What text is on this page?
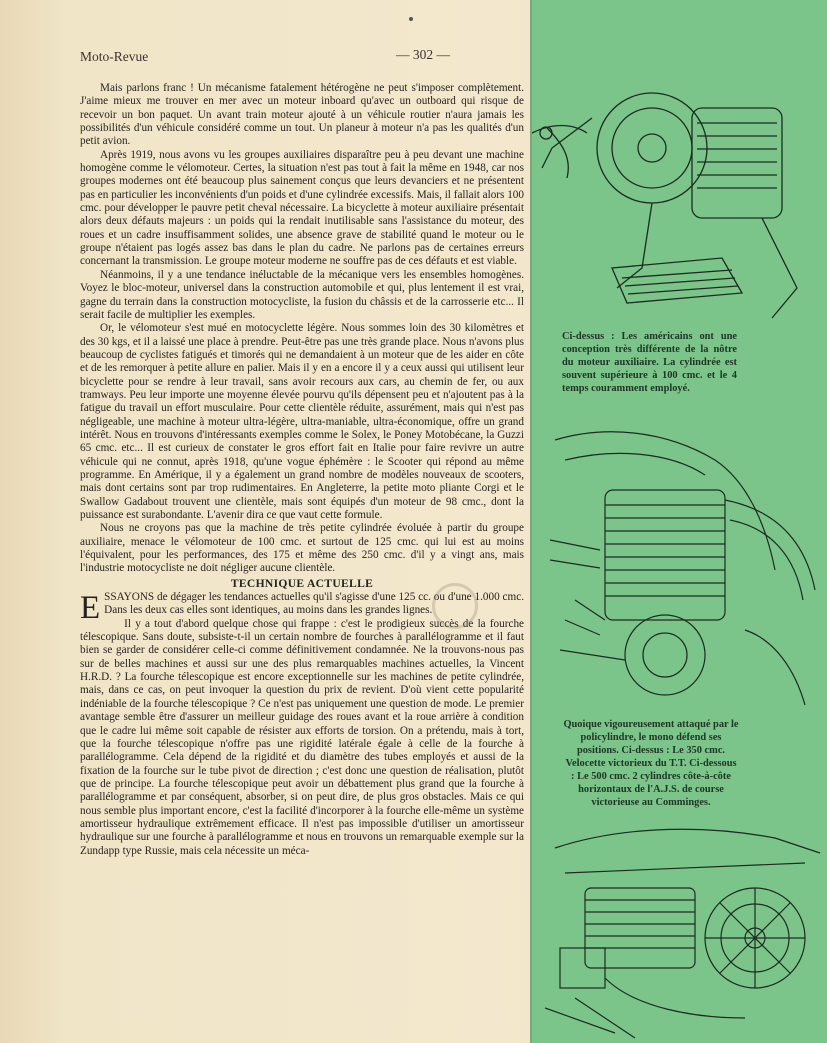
Moto-Revue	— 302 —

Mais parlons franc ! Un mécanisme fatalement hétérogène ne peut s'imposer complètement. J'aime mieux me trouver en mer avec un moteur inboard qu'avec un outboard qui risque de recevoir un bon paquet. Un avant train moteur ajouté à un véhicule routier n'aura jamais les possibilités d'un véhicule considéré comme un tout. Un planeur à moteur n'a pas les qualités d'un petit avion.

Après 1919, nous avons vu les groupes auxiliaires disparaître peu à peu devant une machine homogène comme le vélomoteur. Certes, la situation n'est pas tout à fait la même en 1948, car nos groupes modernes ont été beaucoup plus sainement conçus que leurs devanciers et ne présentent pas en particulier les inconvénients d'un poids et d'une cylindrée excessifs. Mais, il fallait alors 100 cmc. pour développer le pauvre petit cheval nécessaire. La bicyclette à moteur auxiliaire présentait alors deux défauts majeurs : un poids qui la rendait inutilisable sans l'assistance du moteur, des roues et un cadre insuffisamment solides, une absence grave de stabilité quand le moteur ou le groupe n'étaient pas logés assez bas dans le plan du cadre. Ne parlons pas de certaines erreurs concernant la transmission. Le groupe moteur moderne ne souffre pas de ces défauts et est viable.

Néanmoins, il y a une tendance inéluctable de la mécanique vers les ensembles homogènes. Voyez le bloc-moteur, universel dans la construction automobile et qui, plus lentement il est vrai, gagne du terrain dans la construction motocycliste, la fusion du châssis et de la carrosserie etc... Il serait facile de multiplier les exemples.

Or, le vélomoteur s'est mué en motocyclette légère. Nous sommes loin des 30 kilomètres et des 30 kgs, et il a laissé une place à prendre. Peut-être pas une très grande place. Nous n'avons plus beaucoup de cyclistes fatigués et timorés qui ne demandaient à un moteur que de les aider en côte et de les remorquer à petite allure en palier. Mais il y en a encore il y a ceux aussi qui utilisent leur bicyclette pour se rendre à leur travail, sans avoir recours aux cars, au chemin de fer, ou aux tramways. Peu leur importe une moyenne élevée pourvu qu'ils dépensent peu et n'ajoutent pas à la fatigue du travail un effort musculaire. Pour cette clientèle réduite, assurément, mais qui n'est pas négligeable, une machine à moteur ultra-légère, ultra-maniable, ultra-économique, offre un grand intérêt. Nous en trouvons d'intéressants exemples comme le Solex, le Poney Motobécane, la Guzzi 65 cmc. etc... Il est curieux de constater le gros effort fait en Italie pour faire revivre un autre véhicule qui ne connut, après 1918, qu'une vogue éphémère : le Scooter qui répond au même programme. En Amérique, il y a également un grand nombre de modèles nouveaux de scooters, mais dont certains sont par trop rudimentaires. En Angleterre, la petite moto pliante Corgi et le Swallow Gadabout trouvent une clientèle, mais sont équipés d'un moteur de 98 cmc., dont la puissance est surabondante. L'avenir dira ce que vaut cette formule.

Nous ne croyons pas que la machine de très petite cylindrée évoluée à partir du groupe auxiliaire, menace le vélomoteur de 100 cmc. et surtout de 125 cmc. qui lui est au moins l'équivalent, pour les performances, des 175 et même des 250 cmc. d'il y a vingt ans, mais l'industrie motocycliste ne doit négliger aucune clientèle.

TECHNIQUE ACTUELLE

ESSAYONS de dégager les tendances actuelles qu'il s'agisse d'une 125 cc. ou d'une 1.000 cmc. Dans les deux cas elles sont identiques, au moins dans les grandes lignes.

Il y a tout d'abord quelque chose qui frappe : c'est le prodigieux succès de la fourche télescopique. Sans doute, subsiste-t-il un certain nombre de fourches à parallélogramme et il faut bien se garder de considérer celle-ci comme définitivement condamnée. Ne la trouvons-nous pas sur de belles machines et aussi sur une des plus remarquables machines actuelles, la Vincent H.R.D. ? La fourche télescopique est encore exceptionnelle sur les machines de petite cylindrée, mais, dans ce cas, on peut invoquer la question du prix de revient. D'où vient cette popularité indéniable de la fourche télescopique ? Ce n'est pas uniquement une question de mode. Le premier avantage semble être d'assurer un meilleur guidage des roues avant et la roue arrière à condition que le cadre lui même soit capable de résister aux efforts de torsion. On a prétendu, mais à tort, que la fourche télescopique n'offre pas une rigidité latérale égale à celle de la fourche à parallélogramme. Cela dépend de la rigidité et du diamètre des tubes employés et aussi de la fixation de la fourche sur le tube pivot de direction ; c'est donc une question de réalisation, plutôt que de principe. La fourche télescopique peut avoir un débattement plus grand que la fourche à parallélogramme et par conséquent, absorber, si on peut dire, de plus gros obstacles. Mais ce qui nous semble plus important encore, c'est la facilité d'incorporer à la fourche elle-même un système amortisseur hydraulique extrêmement efficace. Il n'est pas impossible d'utiliser un amortisseur hydraulique sur une fourche à parallélogramme et nous en trouvons un remarquable exemple sur la Zundapp type Russie, mais cela nécessite un méca-

Ci-dessus : Les américains ont une conception très différente de la nôtre du moteur auxiliaire. La cylindrée est souvent supérieure à 100 cmc. et le 4 temps couramment employé.
Quoique vigoureusement attaqué par le policylindre, le mono défend ses positions. Ci-dessus : Le 350 cmc. Velocette victorieux du T.T. Ci-dessous : Le 500 cmc. 2 cylindres côte-à-côte horizontaux de l'A.J.S. de course victorieuse au Comminges.
